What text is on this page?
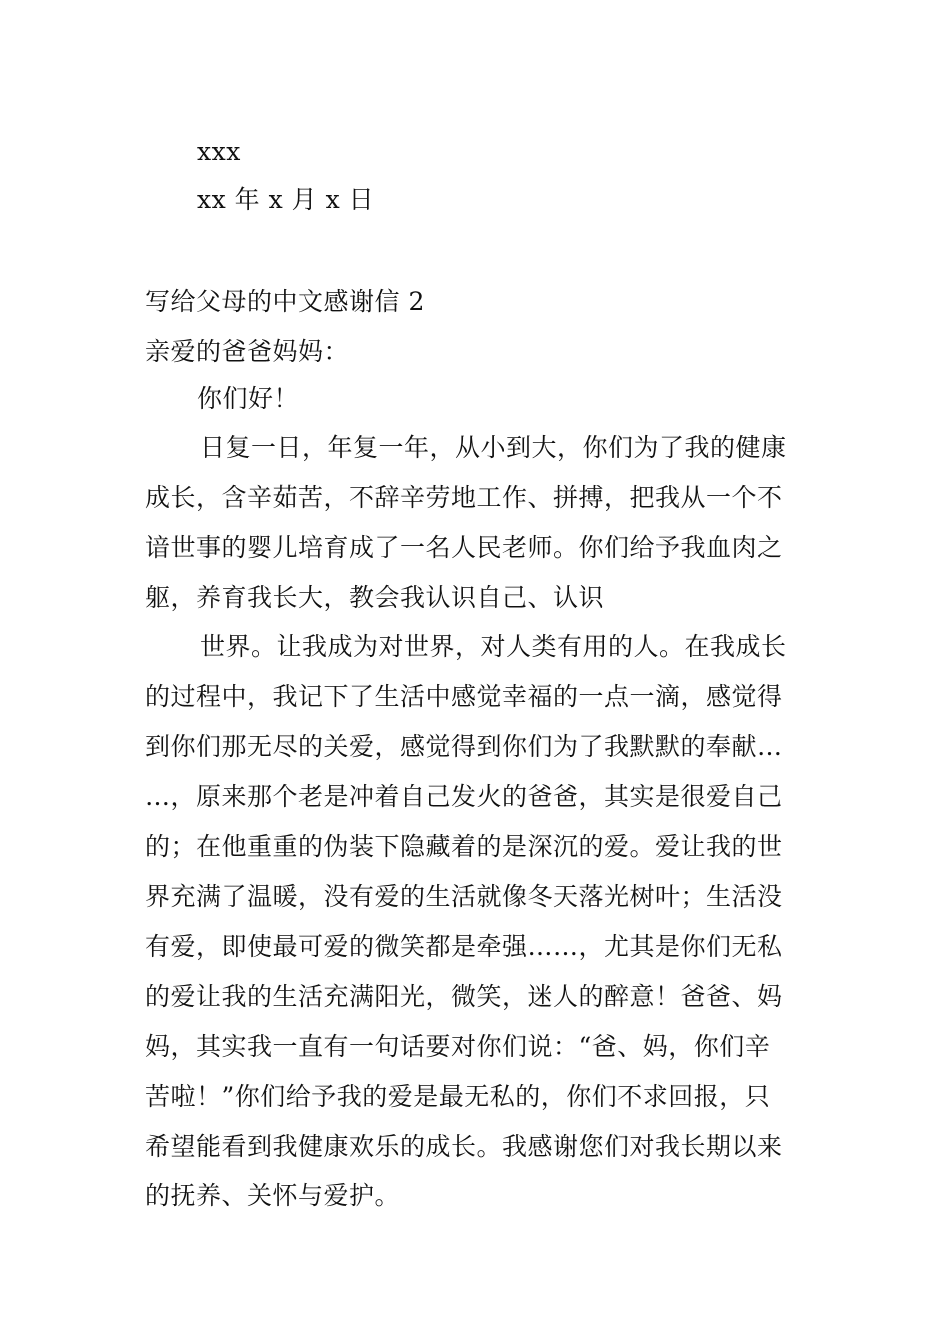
xxx
xx 年 x 月 x 日
写给父母的中文感谢信 2
亲爱的爸爸妈妈：
你们好！
日复一日，年复一年，从小到大，你们为了我的健康
成长，含辛茹苦，不辞辛劳地工作、拼搏，把我从一个不
谙世事的婴儿培育成了一名人民老师。你们给予我血肉之
躯，养育我长大，教会我认识自己、认识
世界。让我成为对世界，对人类有用的人。在我成长
的过程中，我记下了生活中感觉幸福的一点一滴，感觉得
到你们那无尽的关爱，感觉得到你们为了我默默的奉献…
…，原来那个老是冲着自己发火的爸爸，其实是很爱自己
的；在他重重的伪装下隐藏着的是深沉的爱。爱让我的世
界充满了温暖，没有爱的生活就像冬天落光树叶；生活没
有爱，即使最可爱的微笑都是牵强……，尤其是你们无私
的爱让我的生活充满阳光，微笑，迷人的醉意！爸爸、妈
妈，其实我一直有一句话要对你们说：“爸、妈，你们辛
苦啦！”你们给予我的爱是最无私的，你们不求回报，只
希望能看到我健康欢乐的成长。我感谢您们对我长期以来
的抚养、关怀与爱护。
